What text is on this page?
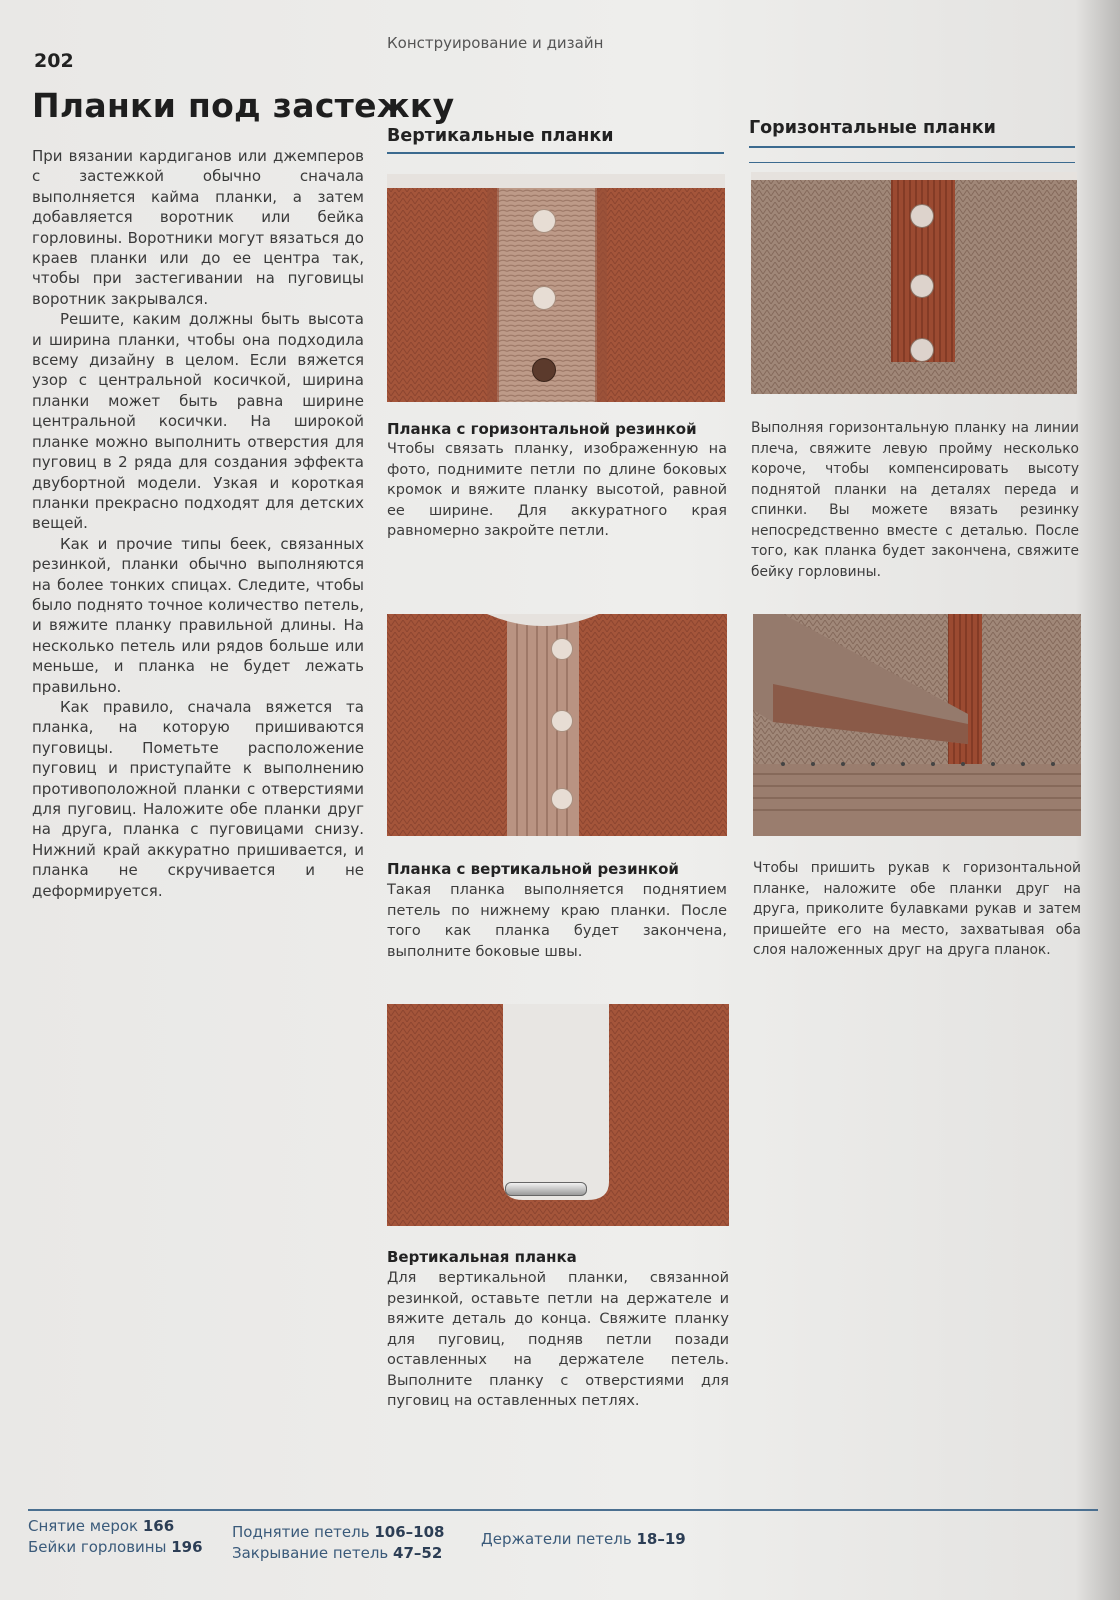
202
Конструирование и дизайн
Планки под застежку

При вязании кардиганов или джемперов с застежкой обычно сначала выполняется кайма планки, а затем добавляется воротник или бейка горловины. Воротники могут вязаться до краев планки или до ее центра так, чтобы при застегивании на пуговицы воротник закрывался.

Решите, каким должны быть высота и ширина планки, чтобы она подходила всему дизайну в целом. Если вяжется узор с центральной косичкой, ширина планки может быть равна ширине центральной косички. На широкой планке можно выполнить отверстия для пуговиц в 2 ряда для создания эффекта двубортной модели. Узкая и короткая планки прекрасно подходят для детских вещей.

Как и прочие типы беек, связанных резинкой, планки обычно выполняются на более тонких спицах. Следите, чтобы было поднято точное количество петель, и вяжите планку правильной длины. На несколько петель или рядов больше или меньше, и планка не будет лежать правильно.

Как правило, сначала вяжется та планка, на которую пришиваются пуговицы. Пометьте расположение пуговиц и приступайте к выполнению противоположной планки с отверстиями для пуговиц. Наложите обе планки друг на друга, планка с пуговицами снизу. Нижний край аккуратно пришивается, и планка не скручивается и не деформируется.

Вертикальные планки	Горизонтальные планки
Планка с горизонтальной резинкой
Чтобы связать планку, изображенную на фото, поднимите петли по длине боковых кромок и вяжите планку высотой, равной ее ширине. Для аккуратного края равномерно закройте петли.
Выполняя горизонтальную планку на линии плеча, свяжите левую пройму несколько короче, чтобы компенсировать высоту поднятой планки на деталях переда и спинки. Вы можете вязать резинку непосредственно вместе с деталью. После того, как планка будет закончена, свяжите бейку горловины.
Планка с вертикальной резинкой
Такая планка выполняется поднятием петель по нижнему краю планки. После того как планка будет закончена, выполните боковые швы.
Чтобы пришить рукав к горизонтальной планке, наложите обе планки друг на друга, приколите булавками рукав и затем пришейте его на место, захватывая оба слоя наложенных друг на друга планок.
Вертикальная планка
Для вертикальной планки, связанной резинкой, оставьте петли на держателе и вяжите деталь до конца. Свяжите планку для пуговиц, подняв петли позади оставленных на держателе петель. Выполните планку с отверстиями для пуговиц на оставленных петлях.
Снятие мерок 166
Бейки горловины 196
Поднятие петель 106–108
Закрывание петель 47–52
Держатели петель 18–19
